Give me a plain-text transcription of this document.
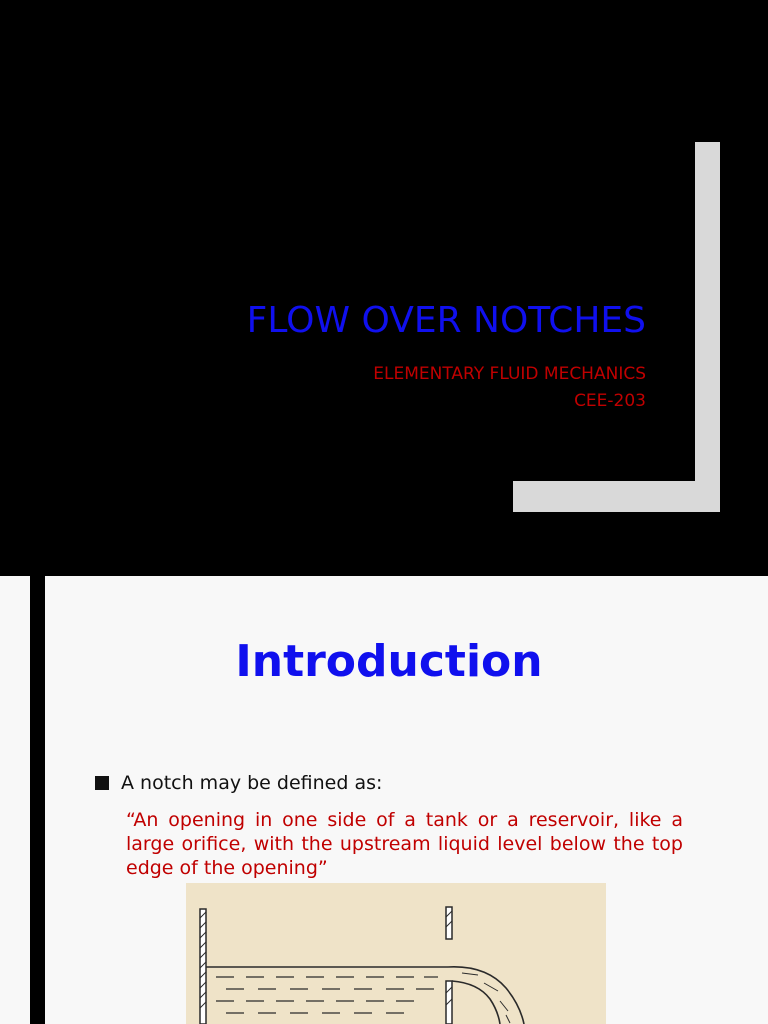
FLOW OVER NOTCHES
ELEMENTARY FLUID MECHANICS
CEE-203
Introduction
A notch may be defined as:
“An opening in one side of a tank or a reservoir, like a large orifice, with the upstream liquid level below the top edge of the opening”
